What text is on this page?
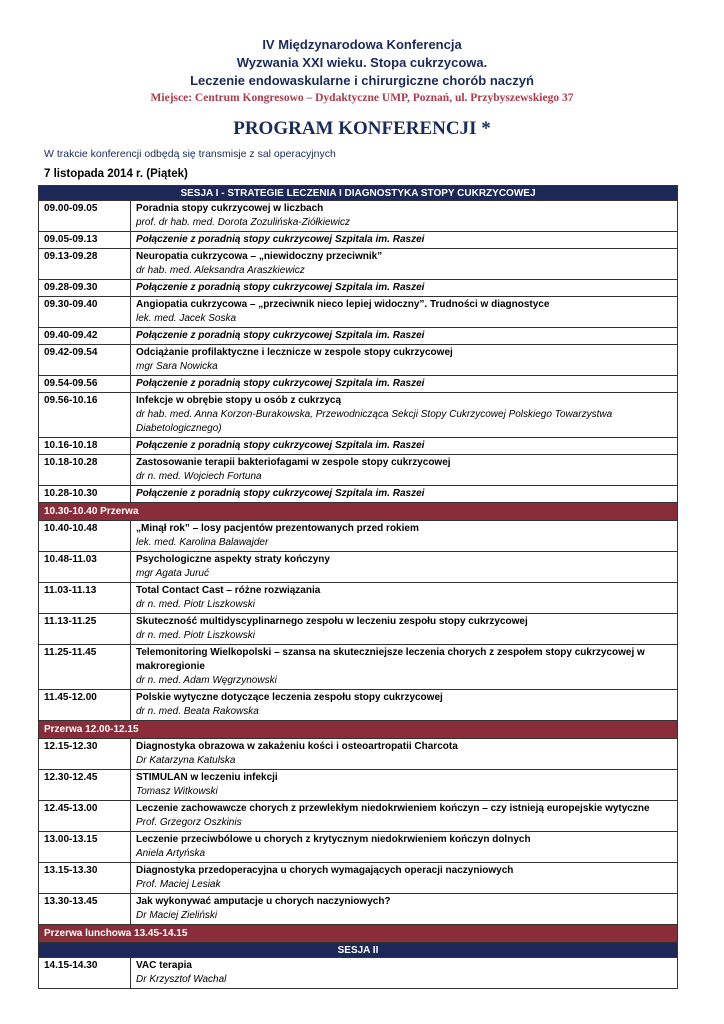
IV Międzynarodowa Konferencja
Wyzwania XXI wieku. Stopa cukrzycowa.
Leczenie endowaskularne i chirurgiczne chorób naczyń
Miejsce: Centrum Kongresowo – Dydaktyczne UMP, Poznań, ul. Przybyszewskiego 37
PROGRAM KONFERENCJI *
W trakcie konferencji odbędą się transmisje z sal operacyjnych
7 listopada 2014 r. (Piątek)
SESJA I - STRATEGIE LECZENIA I DIAGNOSTYKA STOPY CUKRZYCOWEJ	
09.00-09.05	Poradnia stopy cukrzycowej w liczbach
prof. dr hab. med. Dorota Zozulińska-Ziółkiewicz

09.05-09.13	Połączenie z poradnią stopy cukrzycowej Szpitala im. Raszei

09.13-09.28	Neuropatia cukrzycowa – „niewidoczny przeciwnik”
dr hab. med. Aleksandra Araszkiewicz

09.28-09.30	Połączenie z poradnią stopy cukrzycowej Szpitala im. Raszei

09.30-09.40	Angiopatia cukrzycowa – „przeciwnik nieco lepiej widoczny”. Trudności w diagnostyce
lek. med. Jacek Soska

09.40-09.42	Połączenie z poradnią stopy cukrzycowej Szpitala im. Raszei

09.42-09.54	Odciążanie profilaktyczne i lecznicze w zespole stopy cukrzycowej
mgr Sara Nowicka

09.54-09.56	Połączenie z poradnią stopy cukrzycowej Szpitala im. Raszei

09.56-10.16	Infekcje w obrębie stopy u osób z cukrzycą
dr hab. med. Anna Korzon-Burakowska, Przewodnicząca Sekcji Stopy Cukrzycowej Polskiego Towarzystwa Diabetologicznego)

10.16-10.18	Połączenie z poradnią stopy cukrzycowej Szpitala im. Raszei

10.18-10.28	Zastosowanie terapii bakteriofagami w zespole stopy cukrzycowej
dr n. med. Wojciech Fortuna

10.28-10.30	Połączenie z poradnią stopy cukrzycowej Szpitala im. Raszei

10.30-10.40 Przerwa	
10.40-10.48	„Minął rok” – losy pacjentów prezentowanych przed rokiem
lek. med. Karolina Balawajder

10.48-11.03	Psychologiczne aspekty straty kończyny
mgr Agata Juruć

11.03-11.13	Total Contact Cast – różne rozwiązania
dr n. med. Piotr Liszkowski

11.13-11.25	Skuteczność multidyscyplinarnego zespołu w leczeniu zespołu stopy cukrzycowej
dr n. med. Piotr Liszkowski

11.25-11.45	Telemonitoring Wielkopolski – szansa na skuteczniejsze leczenia chorych z zespołem stopy cukrzycowej w makroregionie
dr n. med. Adam Węgrzynowski

11.45-12.00	Polskie wytyczne dotyczące leczenia zespołu stopy cukrzycowej
dr n. med. Beata Rakowska

Przerwa 12.00-12.15	
12.15-12.30	Diagnostyka obrazowa w zakażeniu kości i osteoartropatii Charcota
Dr Katarzyna Katulska

12.30-12.45	STIMULAN w leczeniu infekcji
Tomasz Witkowski

12.45-13.00	Leczenie zachowawcze chorych z przewlekłym niedokrwieniem kończyn – czy istnieją europejskie wytyczne
Prof. Grzegorz Oszkinis

13.00-13.15	Leczenie przeciwbólowe u chorych z krytycznym niedokrwieniem kończyn dolnych
Aniela Artyńska

13.15-13.30	Diagnostyka przedoperacyjna u chorych wymagających operacji naczyniowych
Prof. Maciej Lesiak

13.30-13.45	Jak wykonywać amputacje u chorych naczyniowych?
Dr Maciej Zieliński

Przerwa lunchowa 13.45-14.15	
SESJA II	
14.15-14.30	VAC terapia
Dr Krzysztof Wachal
